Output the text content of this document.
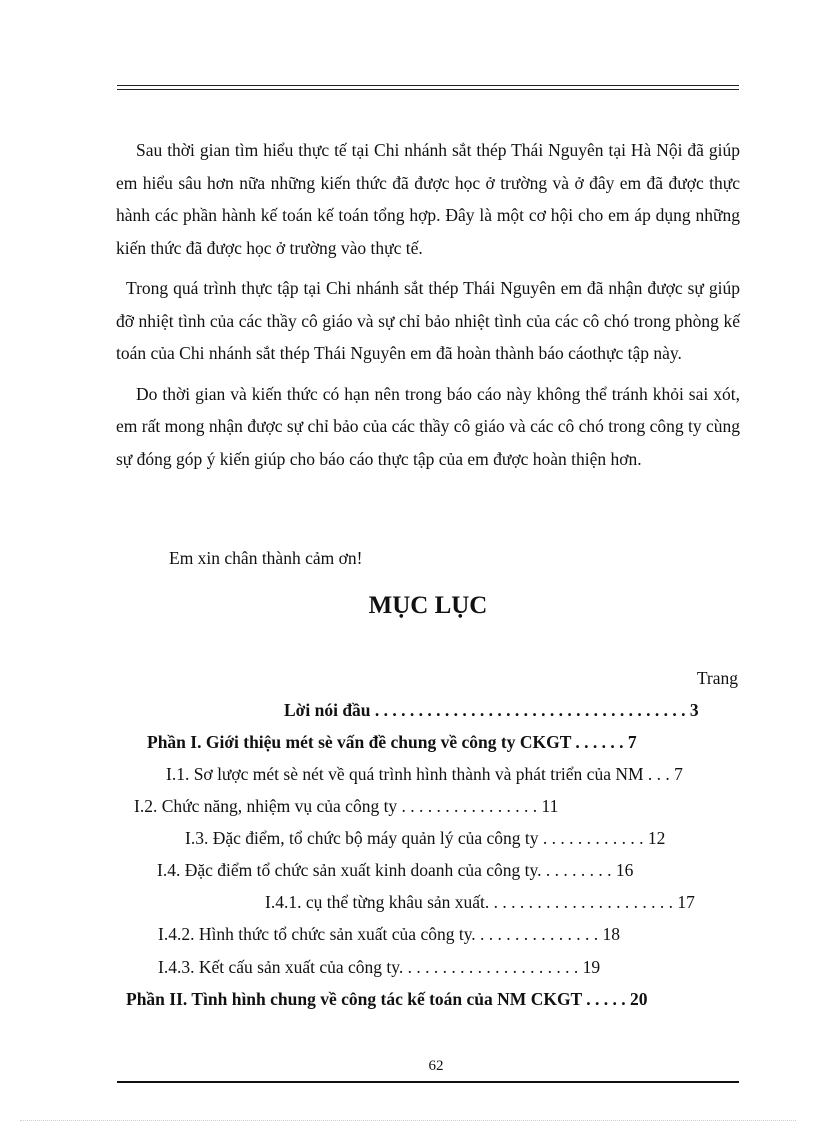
Sau thời gian tìm hiểu thực tế tại Chi nhánh sắt thép Thái Nguyên tại Hà Nội đã giúp em hiểu sâu hơn nữa những kiến thức đã được học ở trường và ở đây em đã được thực hành các phần hành kế toán kế toán tổng hợp. Đây là một cơ hội cho em áp dụng những kiến thức đã được học ở trường vào thực tế.

Trong quá trình thực tập tại Chi nhánh sắt thép Thái Nguyên em đã nhận được sự giúp đỡ nhiệt tình của các thầy cô giáo và sự chỉ bảo nhiệt tình của các cô chó trong phòng kế toán của Chi nhánh sắt thép Thái Nguyên em đã hoàn thành báo cáothực tập này.

Do thời gian và kiến thức có hạn nên trong báo cáo này không thể tránh khỏi sai xót, em rất mong nhận được sự chỉ bảo của các thầy cô giáo và các cô chó trong công ty cùng sự đóng góp ý kiến giúp cho báo cáo thực tập của em được hoàn thiện hơn.

Em xin chân thành cảm ơn!
MỤC LỤC
Trang
Lời nói đầu . . . . . . . . . . . . . . . . . . . . . . . . . . . . . . . . . . . . 3
Phần I. Giới thiệu mét sè vấn đề chung về công ty CKGT . . . . . . 7
I.1. Sơ lược mét sè nét về quá trình hình thành và phát triển của NM . . . 7
I.2. Chức năng, nhiệm vụ của công ty . . . . . . . . . . . . . . . . 11
I.3. Đặc điểm, tổ chức bộ máy quản lý của công ty . . . . . . . . . . . . 12
I.4. Đặc điểm tổ chức sản xuất kinh doanh của công ty. . . . . . . . . 16
I.4.1. cụ thể từng khâu sản xuất. . . . . . . . . . . . . . . . . . . . . . 17
I.4.2. Hình thức tổ chức sản xuất của công ty. . . . . . . . . . . . . . . 18
I.4.3. Kết cấu sản xuất của công ty. . . . . . . . . . . . . . . . . . . . . 19
Phần II. Tình hình chung về công tác kế toán của NM CKGT . . . . . 20
62
